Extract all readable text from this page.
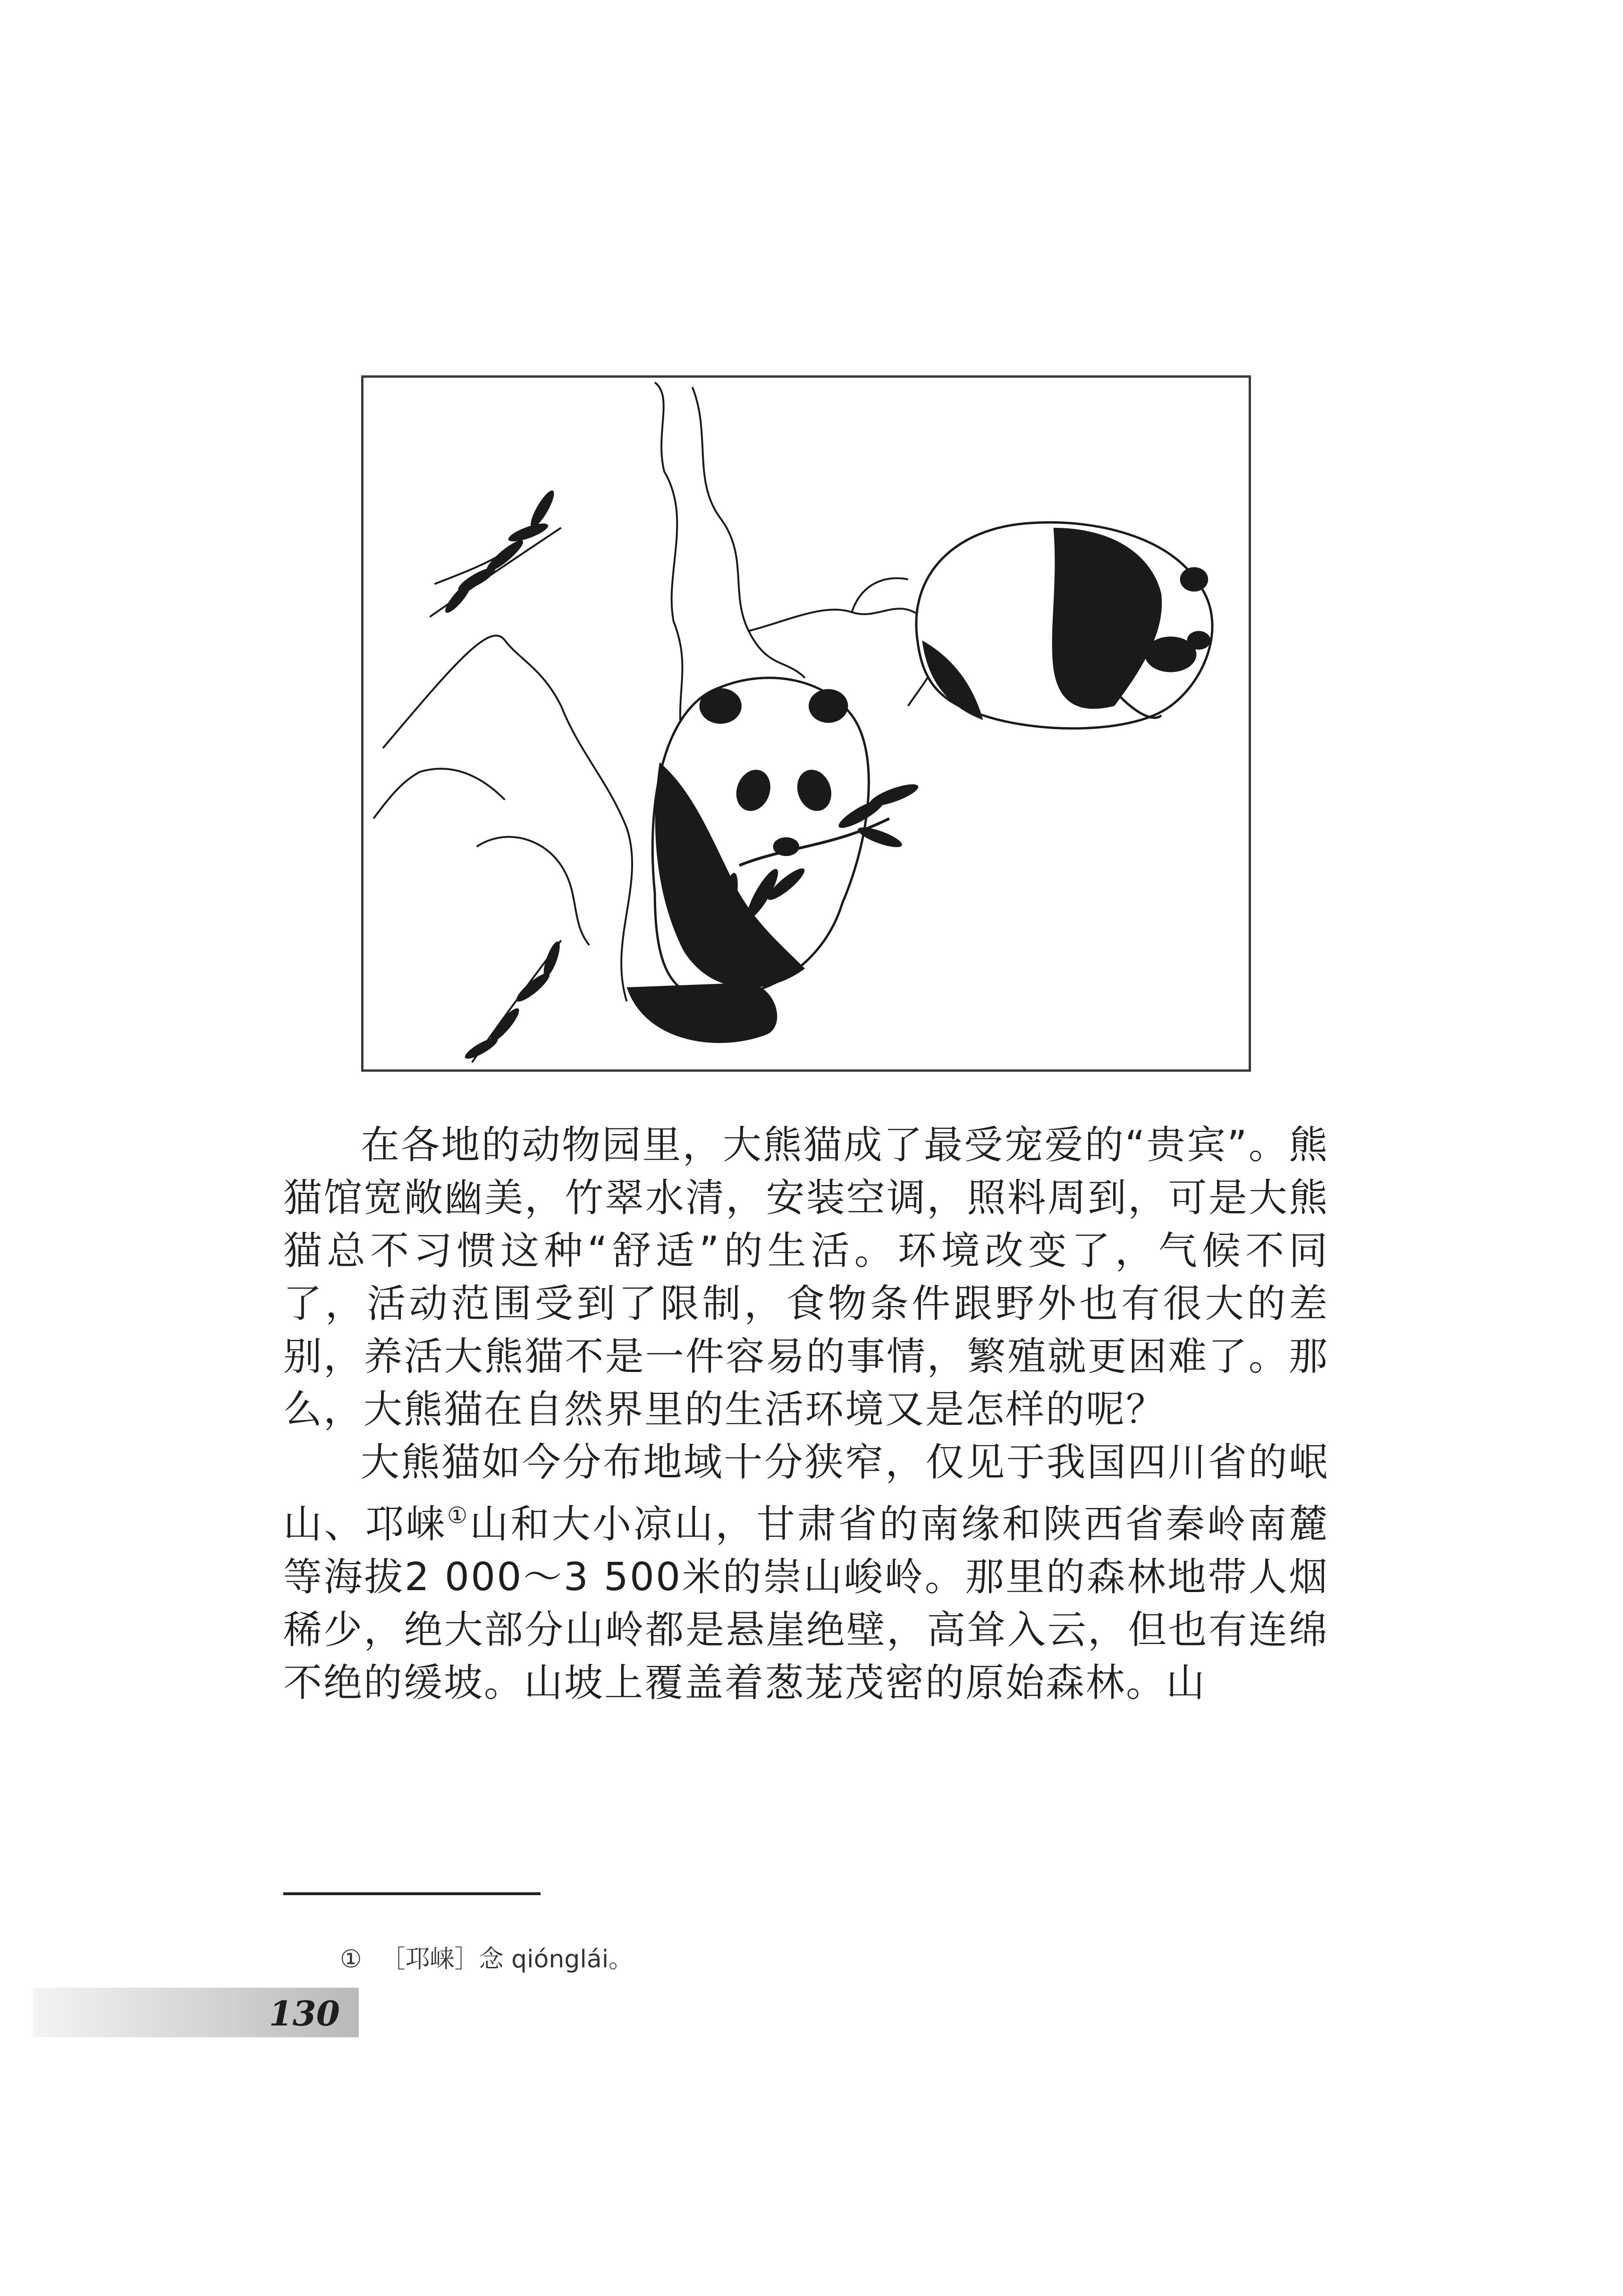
在各地的动物园里，大熊猫成了最受宠爱的“贵宾”。熊猫馆宽敞幽美，竹翠水清，安装空调，照料周到，可是大熊猫总不习惯这种“舒适”的生活。环境改变了，气候不同了，活动范围受到了限制，食物条件跟野外也有很大的差别，养活大熊猫不是一件容易的事情，繁殖就更困难了。那么，大熊猫在自然界里的生活环境又是怎样的呢？

大熊猫如今分布地域十分狭窄，仅见于我国四川省的岷山、邛崃①山和大小凉山，甘肃省的南缘和陕西省秦岭南麓等海拔2 000～3 500米的崇山峻岭。那里的森林地带人烟稀少，绝大部分山岭都是悬崖绝壁，高耸入云，但也有连绵不绝的缓坡。山坡上覆盖着葱茏茂密的原始森林。山

① ［邛崃］念 qiónglái。
130
